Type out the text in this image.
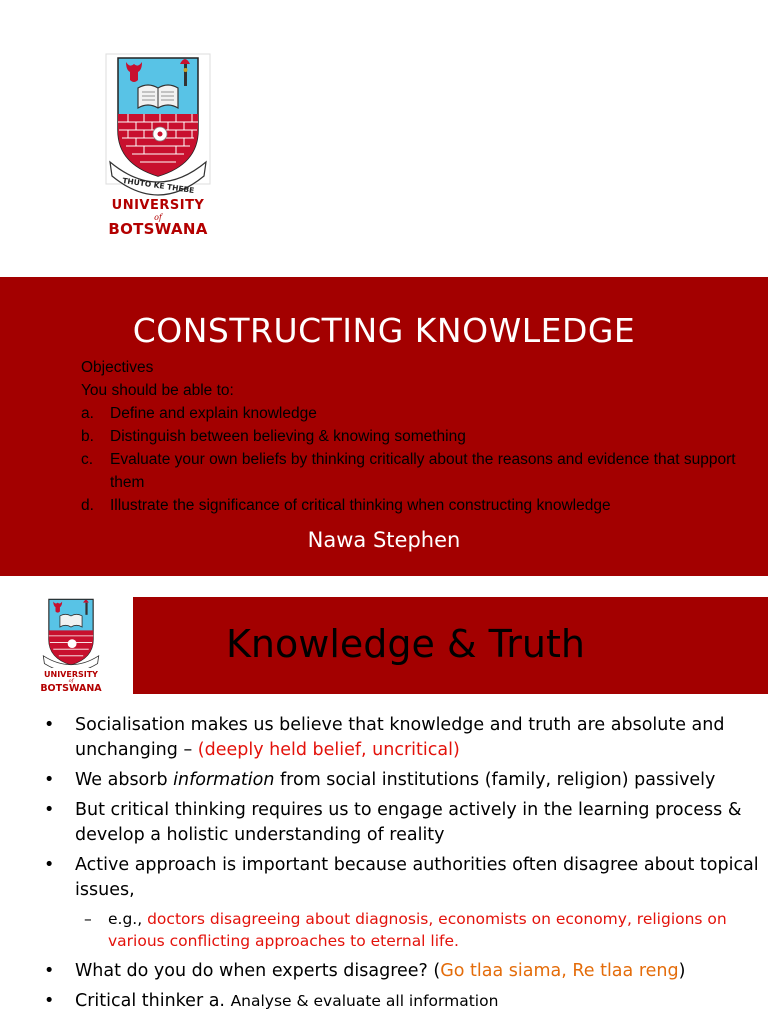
THUTO KE THEBE
UNIVERSITY
of
BOTSWANA
CONSTRUCTING KNOWLEDGE
Objectives
You should be able to:
a.	Define and explain knowledge
b.	Distinguish between believing & knowing something
c.	Evaluate your own beliefs by thinking critically about the reasons and evidence that support them
d.	Illustrate the significance of critical thinking when constructing knowledge
Nawa Stephen
UNIVERSITY
of
BOTSWANA
Knowledge & Truth
•	Socialisation makes us believe that knowledge and truth are absolute and unchanging – (deeply held belief, uncritical)
•	We absorb information from social institutions (family, religion) passively
•	But critical thinking requires us to engage actively in the learning process & develop a holistic understanding of reality
•	Active approach is important because authorities often disagree about topical issues,
–	e.g., doctors disagreeing about diagnosis, economists on economy, religions on various conflicting approaches to eternal life.
•	What do you do when experts disagree? (Go tlaa siama, Re tlaa reng)
•	Critical thinker a. Analyse & evaluate all information
